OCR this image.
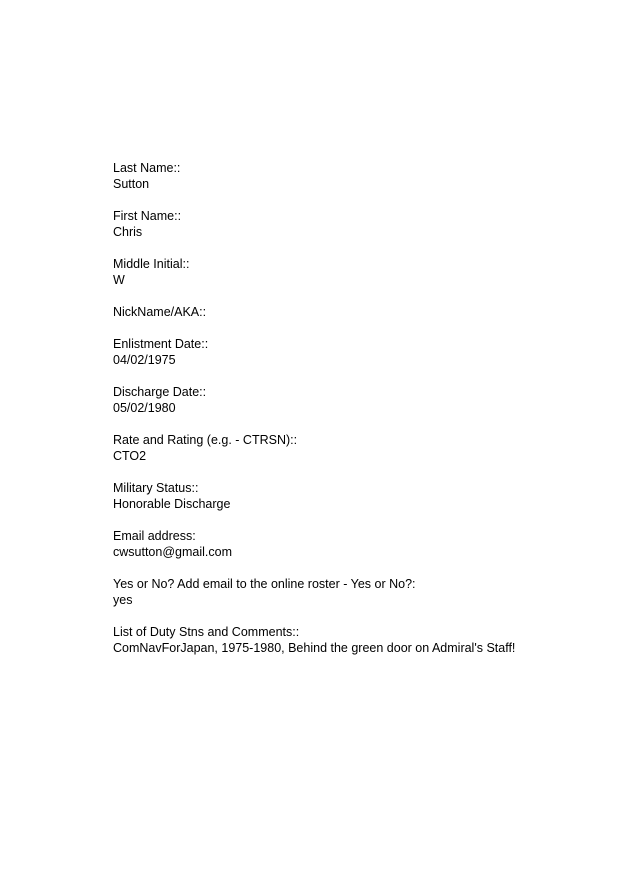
Last Name::
Sutton
First Name::
Chris
Middle Initial::
W
NickName/AKA::
Enlistment Date::
04/02/1975
Discharge Date::
05/02/1980
Rate and Rating (e.g. - CTRSN)::
CTO2
Military Status::
Honorable Discharge
Email address:
cwsutton@gmail.com
Yes or No? Add email to the online roster - Yes or No?:
yes
List of Duty Stns and Comments::
ComNavForJapan, 1975-1980, Behind the green door on Admiral's Staff!
